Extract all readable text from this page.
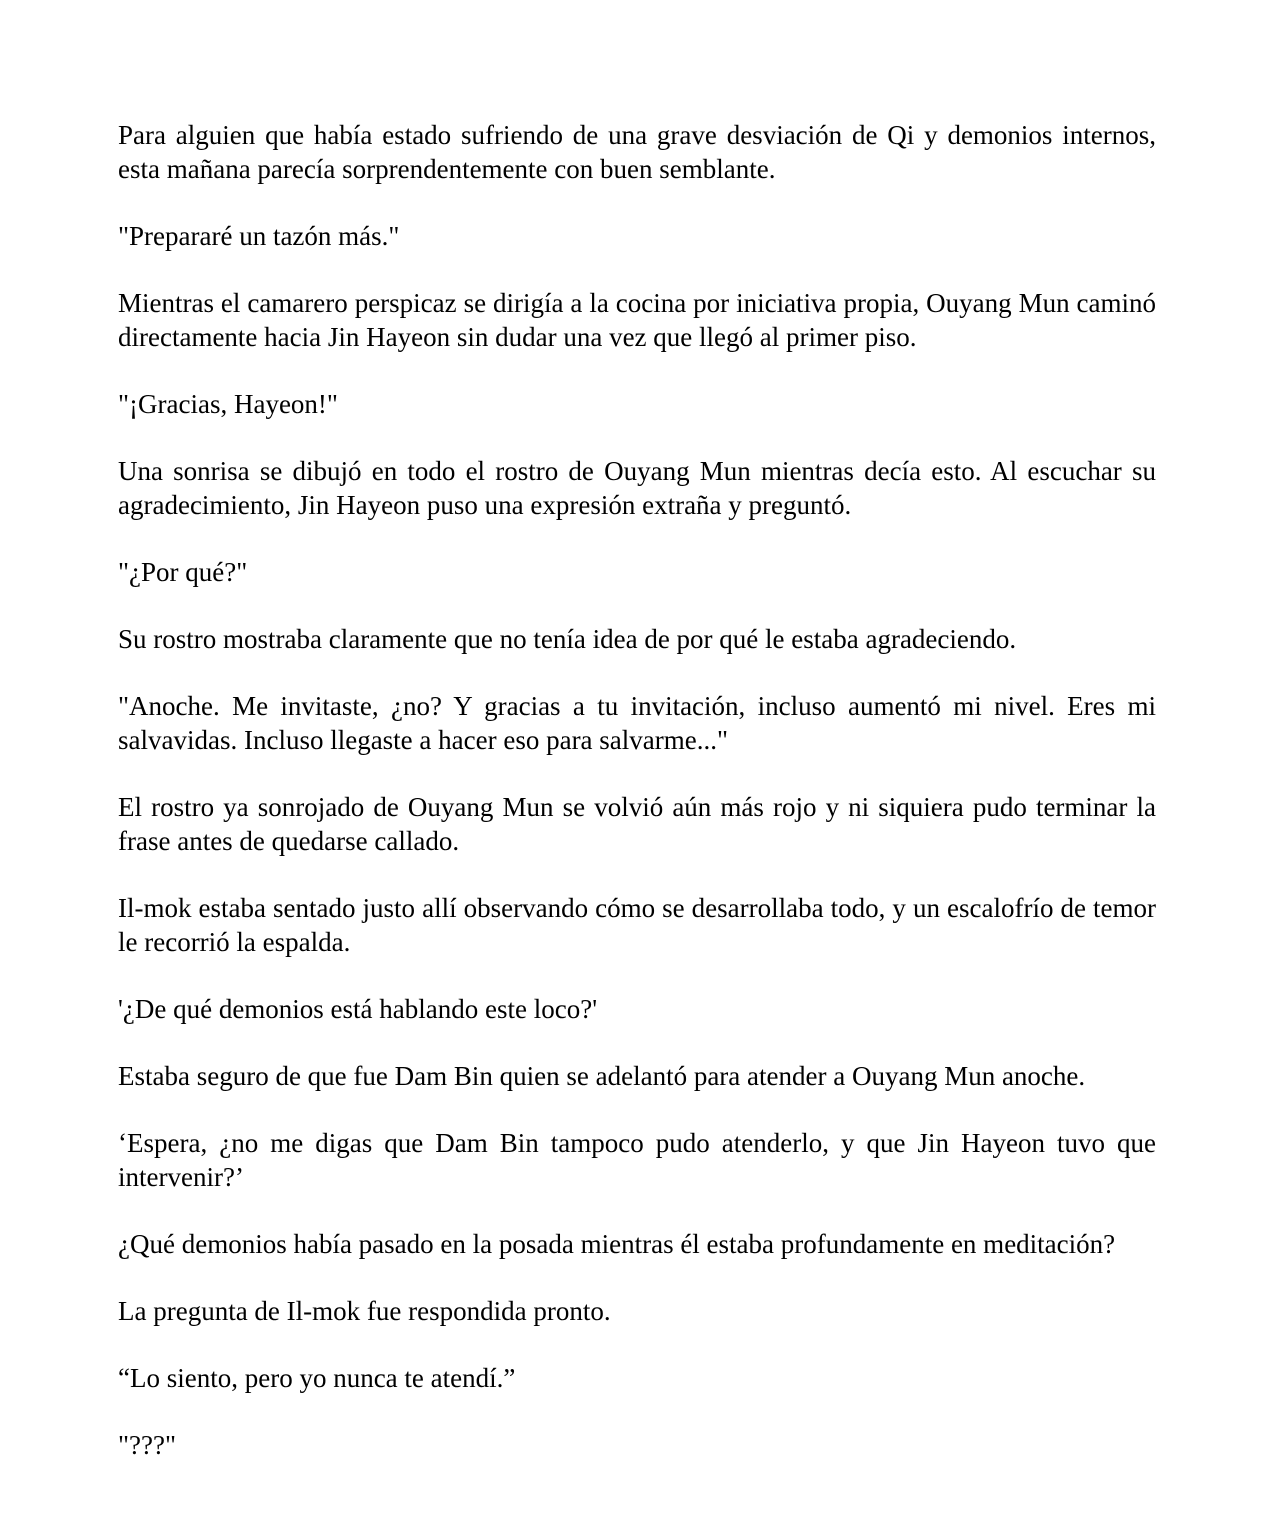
Para alguien que había estado sufriendo de una grave desviación de Qi y demonios internos, esta mañana parecía sorprendentemente con buen semblante.

"Prepararé un tazón más."

Mientras el camarero perspicaz se dirigía a la cocina por iniciativa propia, Ouyang Mun caminó directamente hacia Jin Hayeon sin dudar una vez que llegó al primer piso.

"¡Gracias, Hayeon!"

Una sonrisa se dibujó en todo el rostro de Ouyang Mun mientras decía esto. Al escuchar su agradecimiento, Jin Hayeon puso una expresión extraña y preguntó.

"¿Por qué?"

Su rostro mostraba claramente que no tenía idea de por qué le estaba agradeciendo.

"Anoche. Me invitaste, ¿no? Y gracias a tu invitación, incluso aumentó mi nivel. Eres mi salvavidas. Incluso llegaste a hacer eso para salvarme..."

El rostro ya sonrojado de Ouyang Mun se volvió aún más rojo y ni siquiera pudo terminar la frase antes de quedarse callado.

Il-mok estaba sentado justo allí observando cómo se desarrollaba todo, y un escalofrío de temor le recorrió la espalda.

'¿De qué demonios está hablando este loco?'

Estaba seguro de que fue Dam Bin quien se adelantó para atender a Ouyang Mun anoche.

‘Espera, ¿no me digas que Dam Bin tampoco pudo atenderlo, y que Jin Hayeon tuvo que intervenir?’

¿Qué demonios había pasado en la posada mientras él estaba profundamente en meditación?

La pregunta de Il-mok fue respondida pronto.

“Lo siento, pero yo nunca te atendí.”

"???"
